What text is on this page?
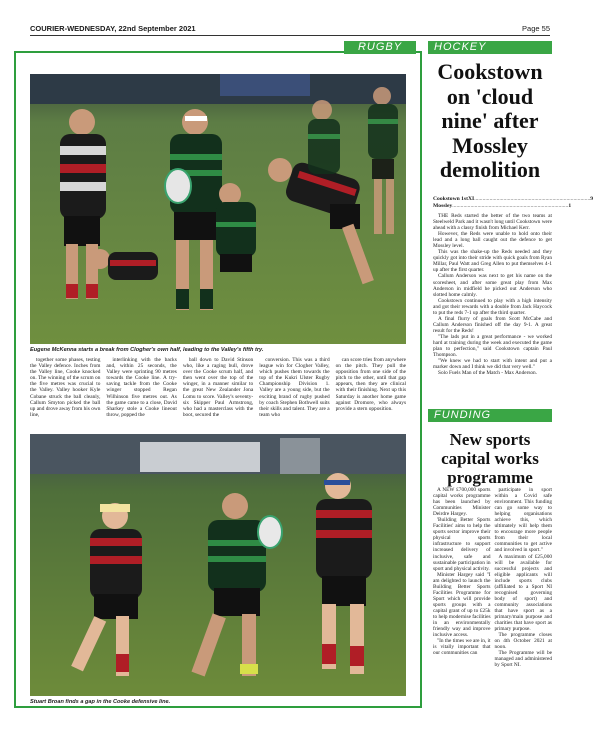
COURIER-WEDNESDAY, 22nd September 2021	Page 55
RUGBY	HOCKEY
Eugene McKenna starts a break from Clogher's own half, leading to the Valley's fifth try.

together some phases, testing the Valley defence. Inches from the Valley line, Cooke knocked on. The winning of the scrum on the five metres was crucial to the Valley. Valley hooker Kyle Cobane struck the ball cleanly, Callum Smyton picked the ball up and drove away from his own line,

interlinking with the backs and, within 25 seconds, the Valley were sprinting 90 metres towards the Cooke line. A try-saving tackle from the Cooke winger stopped Regan Wilhinson five metres out. As the game came to a close, David Sharkey stole a Cooke lineout throw, popped the

ball down to David Stinson who, like a raging bull, drove over the Cooke scrum half, and then went over the top of the winger, in a manner similar to the great New Zealander Jona Lomu to score. Valley's seventy-six Skipper Paul Armstrong, who had a masterclass with the boot, secured the

conversion. This was a third league win for Clogher Valley, which pushes them towards the top of the Kukri Ulster Rugby Championship Division 1. Valley are a young side, but the exciting brand of rugby pushed by coach Stephen Bothwell suits their skills and talent. They are a team who

can score tries from anywhere on the pitch. They pull the opposition from one side of the pitch to the other, until that gap appears, then they are clinical with their finishing. Next up this Saturday is another home game against Dromore, who always provide a stern opposition.

Stuart Broan finds a gap in the Cooke defensive line.
Cookstown on 'cloud nine' after Mossley demolition
Cookstown 1stXI ................................................................................... 9
Mossley ................................................................................... 1

THE Reds started the better of the two teams at Steelweld Park and it wasn't long until Cookstown were ahead with a classy finish from Michael Kerr.

However, the Reds were unable to hold onto their lead and a long ball caught out the defence to get Mossley level.

This was the shake-up the Reds needed and they quickly got into their stride with quick goals from Ryan Millar, Paul Watt and Greg Allen to put themselves 4-1 up after the first quarter.

Callum Anderson was next to get his name on the scoresheet, and after some great play from Max Anderson in midfield he picked out Anderson who slotted home calmly.

Cookstown continued to play with a high intensity and got their rewards with a double from Jack Haycock to put the reds 7-1 up after the third quarter.

A final flurry of goals from Scott McCabe and Callum Anderson finished off the day 9-1. A great result for the Reds!

"The lads put in a great performance - we worked hard at training during the week and executed the game plan to perfection," said Cookstown captain Paul Thompson.

"We knew we had to start with intent and put a marker down and I think we did that very well."

Solo Fuels Man of the Match - Max Anderson.

FUNDING
New sports capital works programme

A NEW £700,000 sports capital works programme has been launched by Communities Minister Deirdre Hargey.

'Building Better Sports Facilities' aims to help the sports sector improve their physical sports infrastructure to support increased delivery of inclusive, safe and sustainable participation in sport and physical activity.

Minister Hargey said "I am delighted to launch the Building Better Sports Facilities Programme for Sport which will provide sports groups with a capital grant of up to £25k to help modernise facilities in an environmentally friendly way and improve inclusive access.

"In the times we are in, it is vitally important that our communities can

participate in sport within a Covid safe environment. This funding can go some way to helping organisations achieve this, which ultimately will help them to encourage more people from their local communities to get active and involved in sport."

A maximum of £25,000 will be available for successful projects and eligible applicants will include sports clubs (affiliated to a Sport NI recognised governing body of sport) and community associations that have sport as a primary/main purpose and charities that have sport as primary purpose.

The programme closes on 4th October 2021 at noon.

The Programme will be managed and administered by Sport NI.
